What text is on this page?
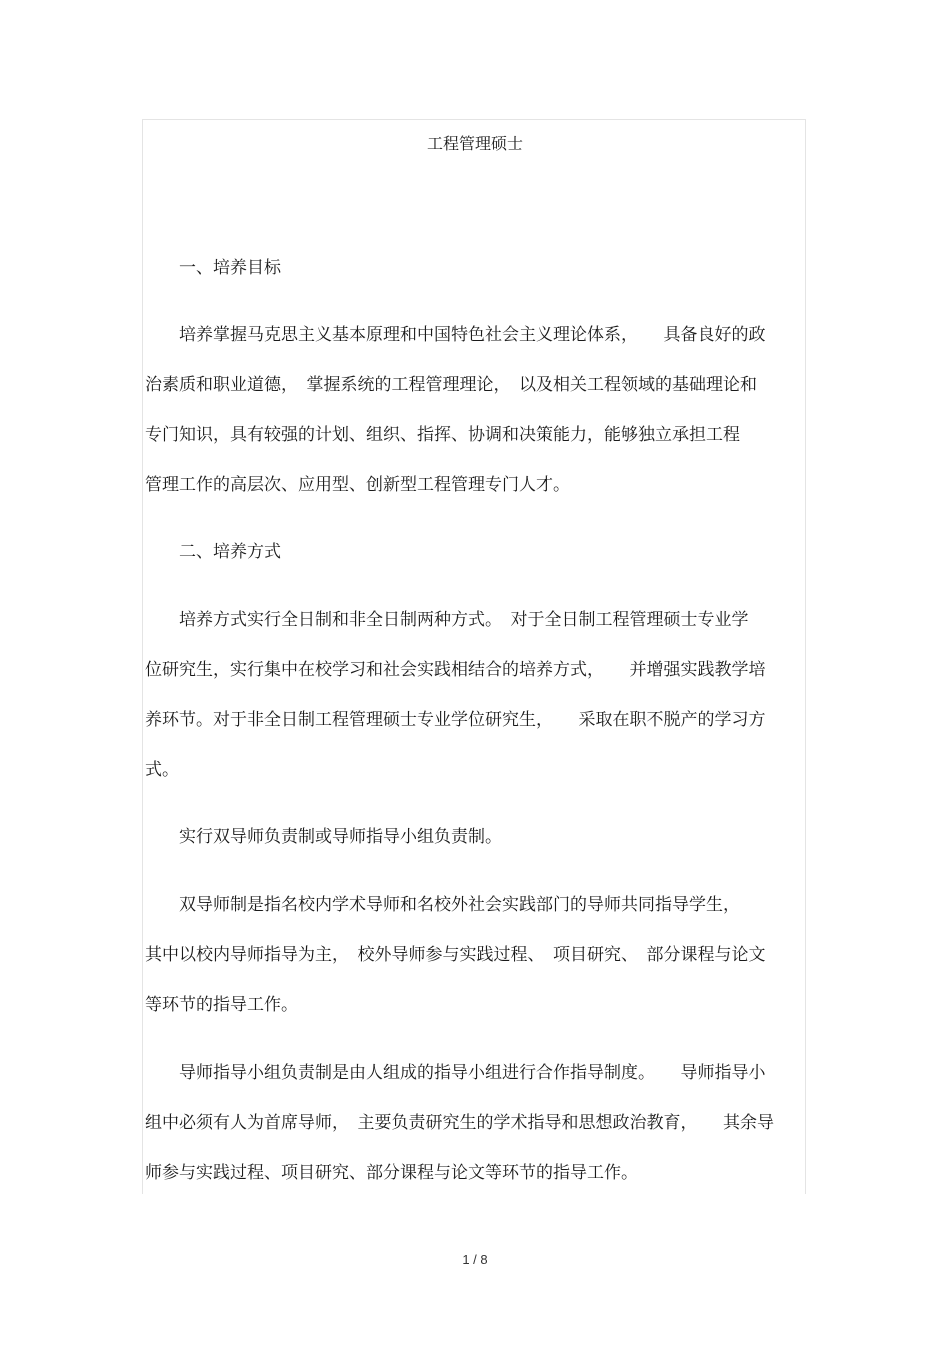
工程管理硕士
一、培养目标
培养掌握马克思主义基本原理和中国特色社会主义理论体系，　　具备良好的政
治素质和职业道德，　掌握系统的工程管理理论，　以及相关工程领域的基础理论和
专门知识，具有较强的计划、组织、指挥、协调和决策能力，能够独立承担工程
管理工作的高层次、应用型、创新型工程管理专门人才。
二、培养方式
培养方式实行全日制和非全日制两种方式。　对于全日制工程管理硕士专业学
位研究生，实行集中在校学习和社会实践相结合的培养方式，　　并增强实践教学培
养环节。对于非全日制工程管理硕士专业学位研究生，　　采取在职不脱产的学习方
式。
实行双导师负责制或导师指导小组负责制。
双导师制是指名校内学术导师和名校外社会实践部门的导师共同指导学生，
其中以校内导师指导为主，　校外导师参与实践过程、　项目研究、　部分课程与论文
等环节的指导工作。
导师指导小组负责制是由人组成的指导小组进行合作指导制度。　　导师指导小
组中必须有人为首席导师，　主要负责研究生的学术指导和思想政治教育，　　其余导
师参与实践过程、项目研究、部分课程与论文等环节的指导工作。
1 / 8
